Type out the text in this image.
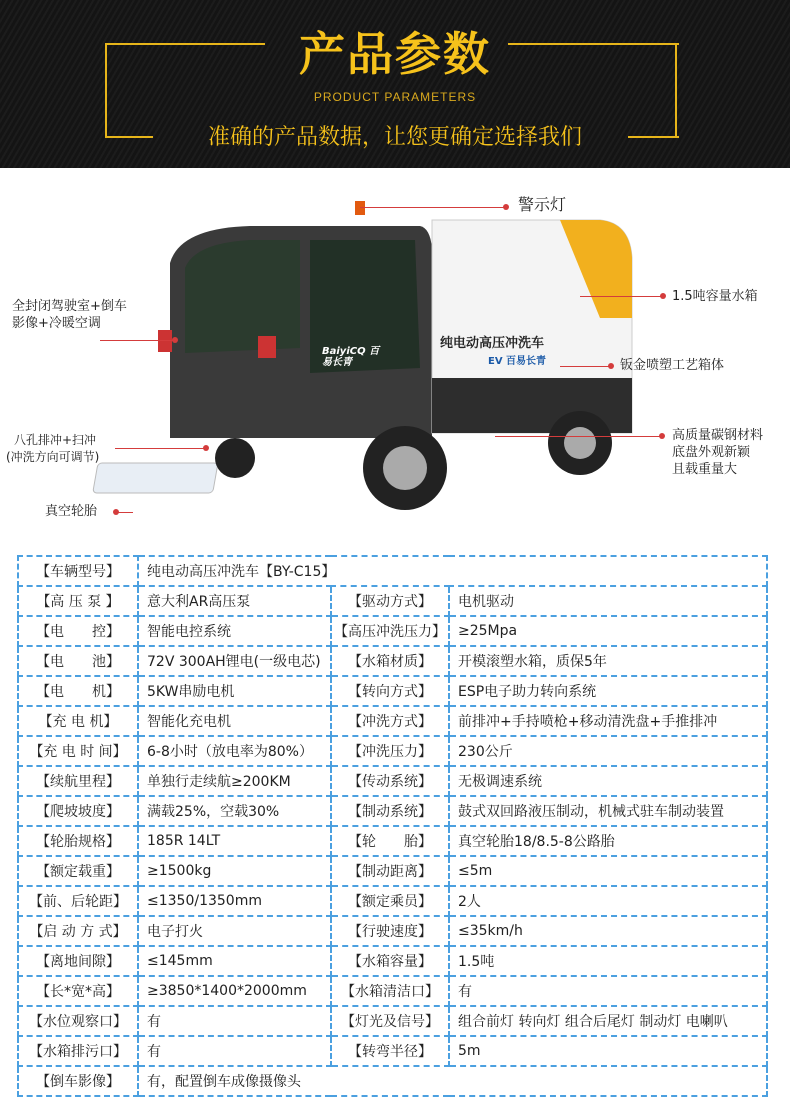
产品参数
PRODUCT PARAMETERS
准确的产品数据，让您更确定选择我们
纯电动高压冲洗车
BaiyiCQ 百易长青	EV 百易长青
警示灯
1.5吨容量水箱
钣金喷塑工艺箱体
高质量碳钢材料
底盘外观新颖
且载重量大
全封闭驾驶室+倒车
影像+冷暖空调
八孔排冲+扫冲
(冲洗方向可调节)
真空轮胎
【车辆型号】	纯电动高压冲洗车【BY-C15】		
【高 压 泵 】	意大利AR高压泵	【驱动方式】	电机驱动
【电　　控】	智能电控系统	【高压冲洗压力】	≥25Mpa
【电　　池】	72V 300AH锂电(一级电芯)	【水箱材质】	开模滚塑水箱，质保5年
【电　　机】	5KW串励电机	【转向方式】	ESP电子助力转向系统
【充 电 机】	智能化充电机	【冲洗方式】	前排冲+手持喷枪+移动清洗盘+手推排冲
【充 电 时 间】	6-8小时（放电率为80%）	【冲洗压力】	230公斤
【续航里程】	单独行走续航≥200KM	【传动系统】	无极调速系统
【爬坡坡度】	满载25%，空载30%	【制动系统】	鼓式双回路液压制动，机械式驻车制动装置
【轮胎规格】	185R 14LT	【轮　　胎】	真空轮胎18/8.5-8公路胎
【额定载重】	≥1500kg	【制动距离】	≤5m
【前、后轮距】	≤1350/1350mm	【额定乘员】	2人
【启 动 方 式】	电子打火	【行驶速度】	≤35km/h
【离地间隙】	≤145mm	【水箱容量】	1.5吨
【长*宽*高】	≥3850*1400*2000mm	【水箱清洁口】	有
【水位观察口】	有	【灯光及信号】	组合前灯 转向灯 组合后尾灯 制动灯 电喇叭
【水箱排污口】	有	【转弯半径】	5m
【倒车影像】	有，配置倒车成像摄像头		
